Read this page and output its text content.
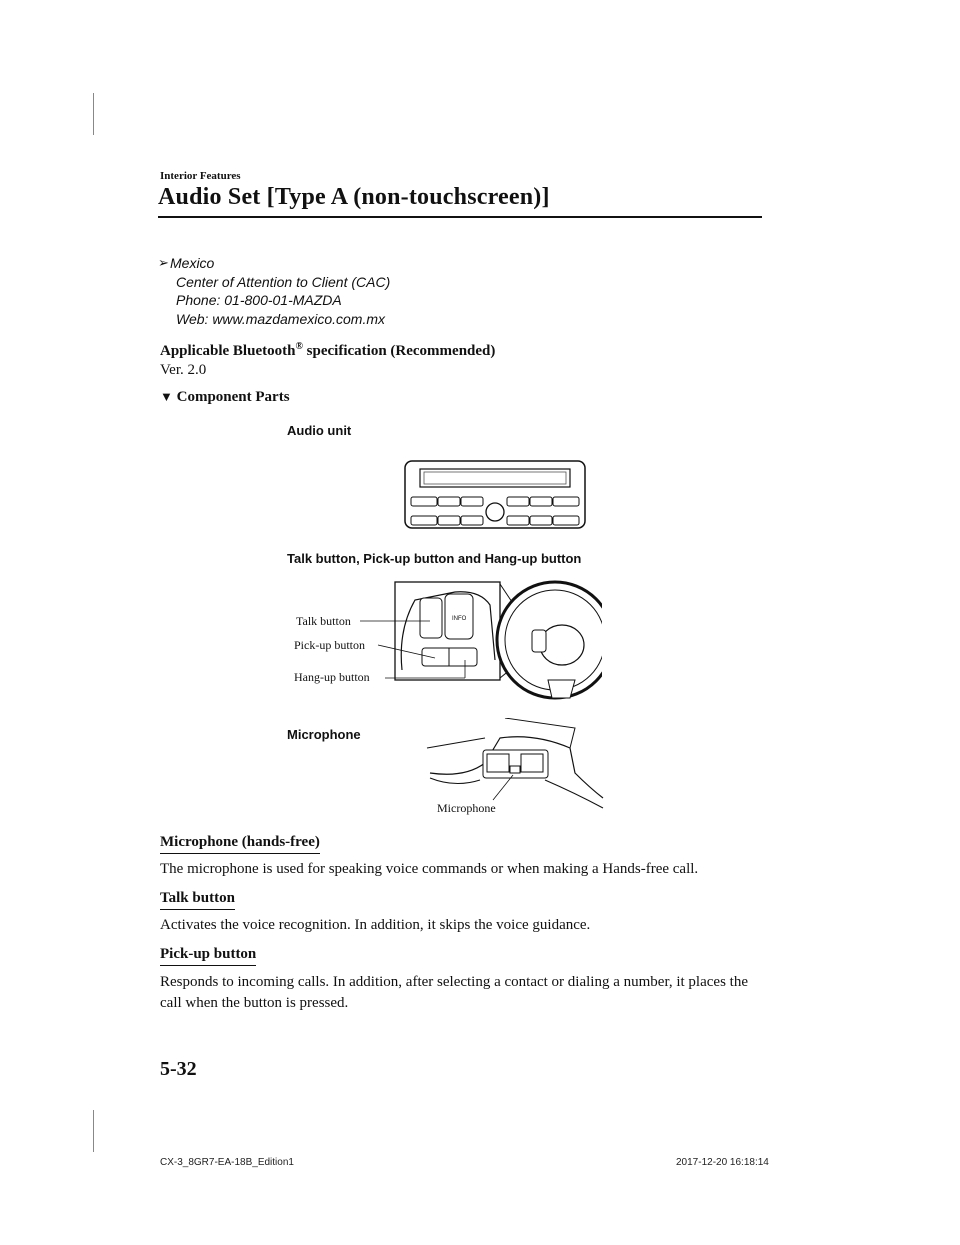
Interior Features
Audio Set [Type A (non-touchscreen)]
➢ Mexico
Center of Attention to Client (CAC)
Phone: 01-800-01-MAZDA
Web: www.mazdamexico.com.mx
Applicable Bluetooth® specification (Recommended)
Ver. 2.0
▼ Component Parts
Audio unit
Talk button, Pick-up button and Hang-up button
INFO
Talk button
Pick-up button
Hang-up button
Microphone
Microphone
Microphone (hands-free)
The microphone is used for speaking voice commands or when making a Hands-free call.
Talk button
Activates the voice recognition. In addition, it skips the voice guidance.
Pick-up button
Responds to incoming calls. In addition, after selecting a contact or dialing a number, it places the call when the button is pressed.
5-32
CX-3_8GR7-EA-18B_Edition1	2017-12-20 16:18:14
